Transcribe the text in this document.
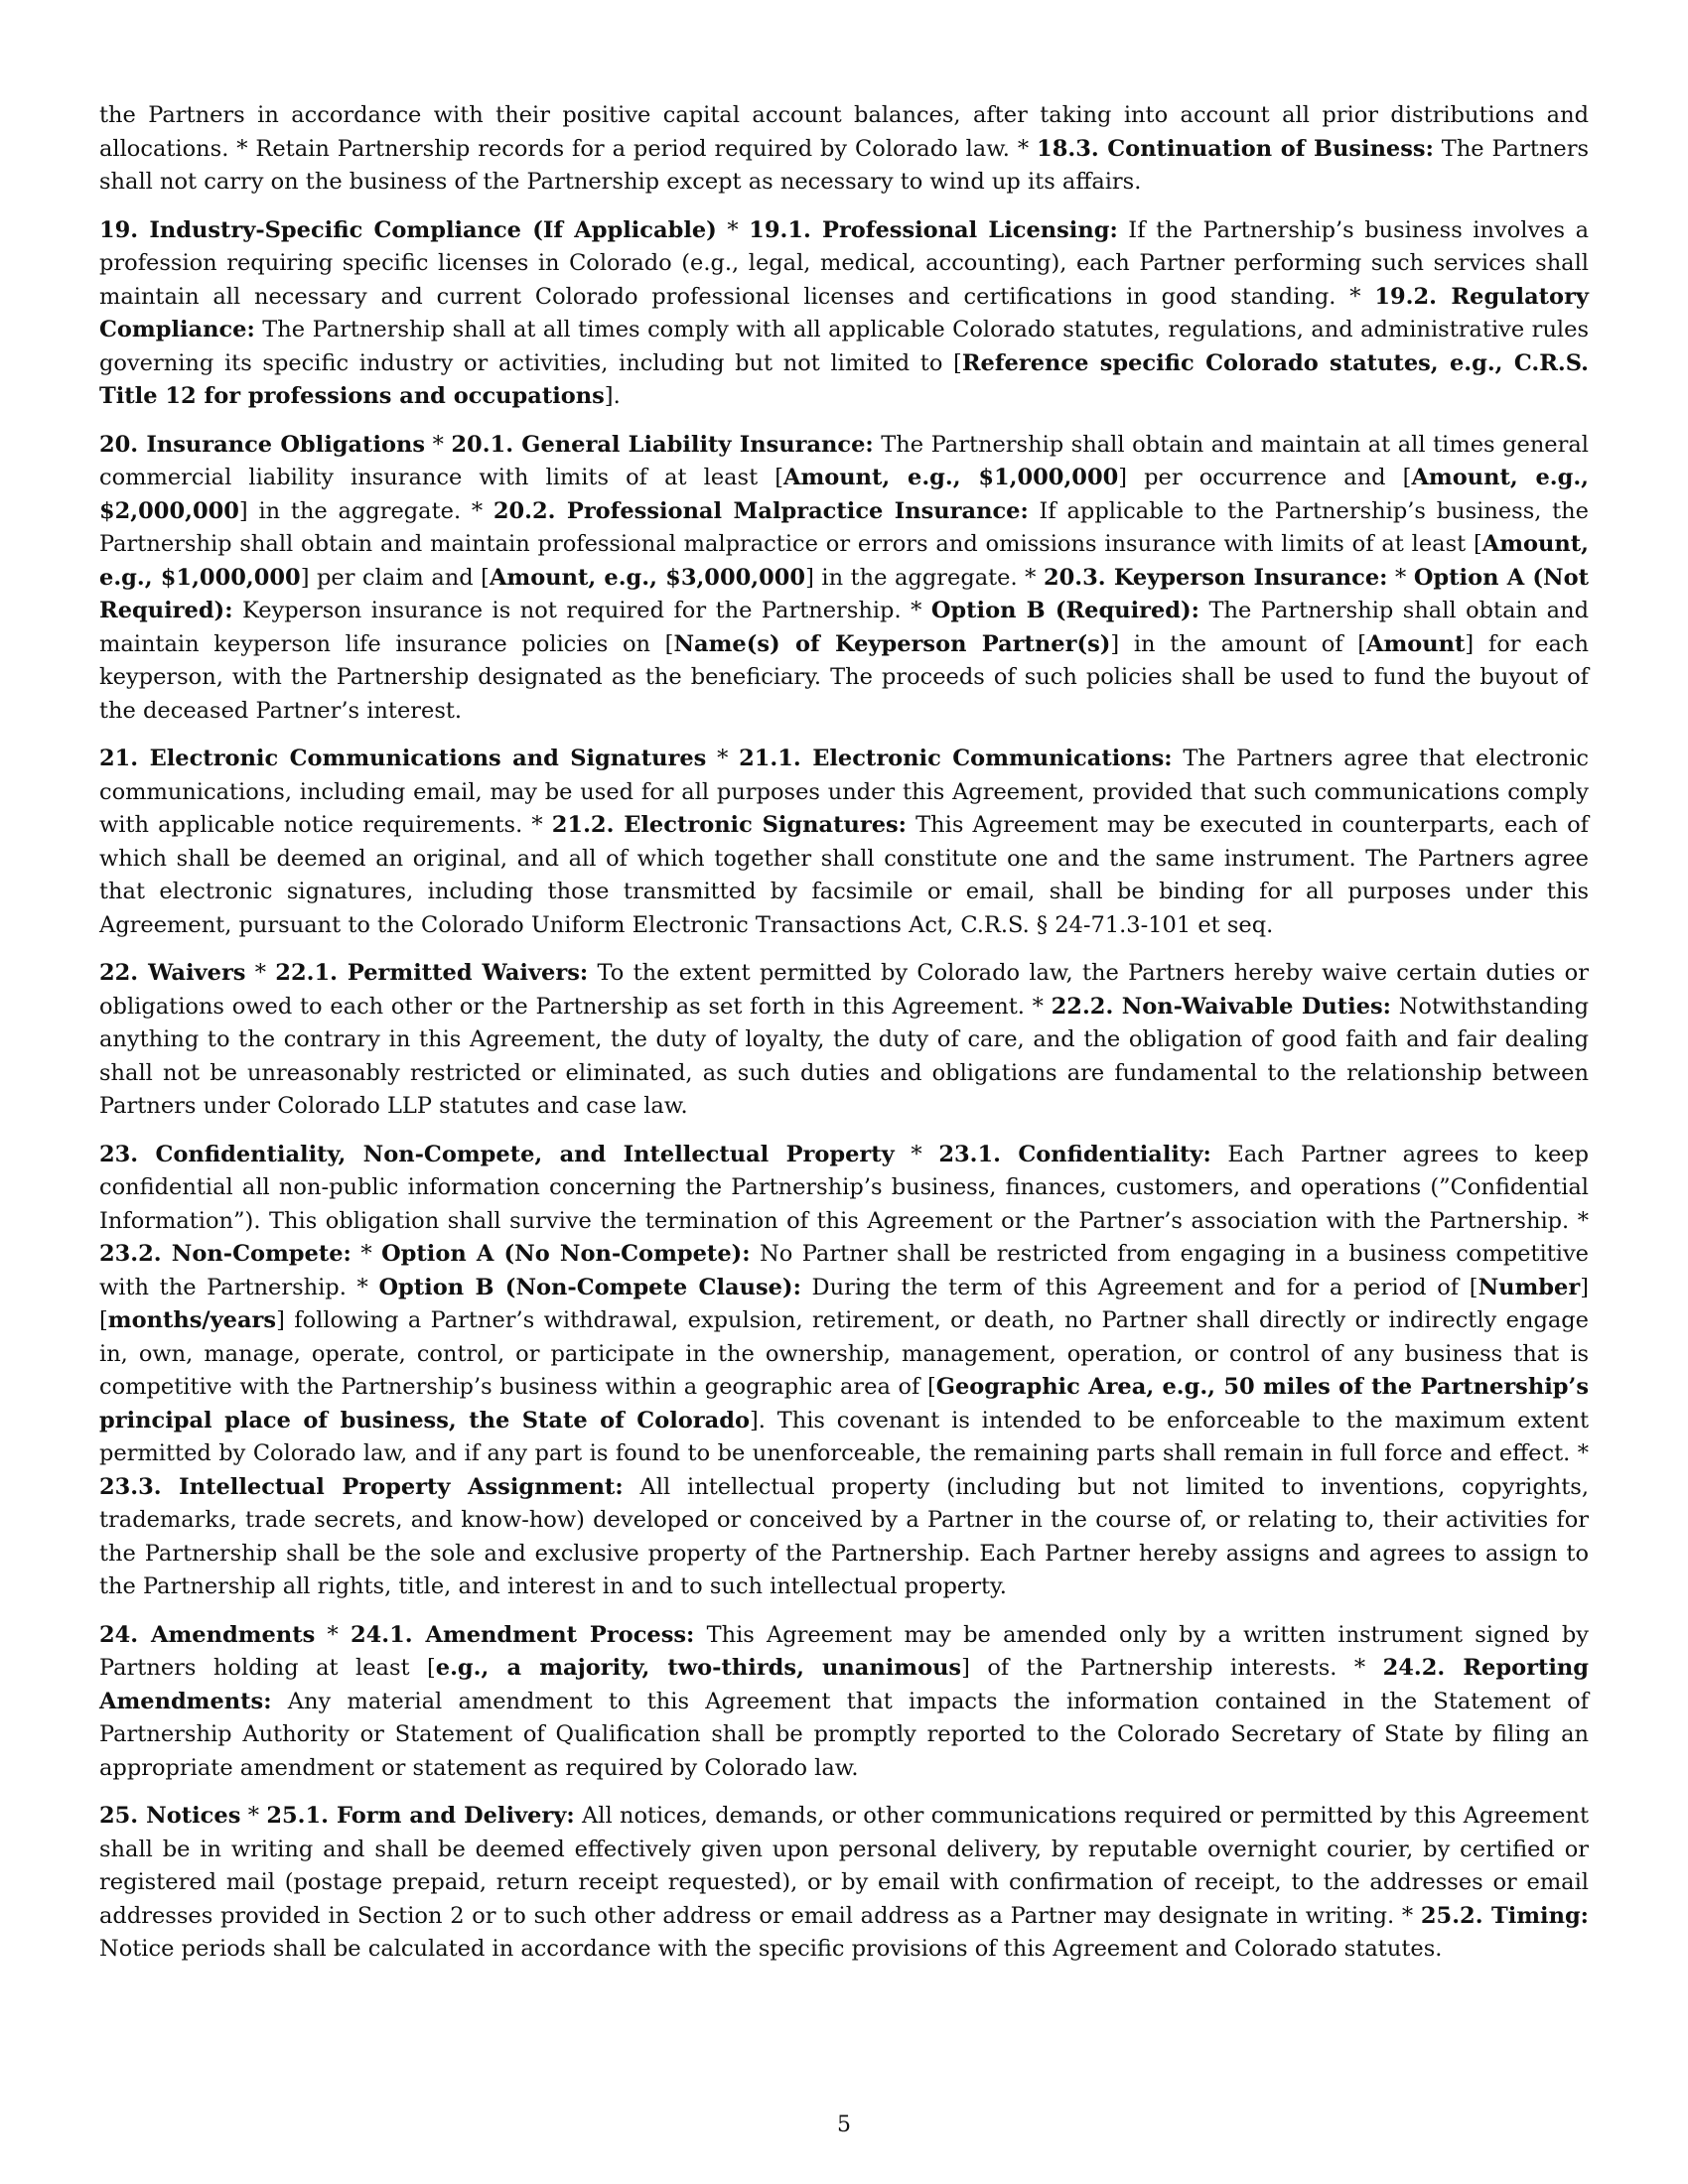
the Partners in accordance with their positive capital account balances, after taking into account all prior distributions and allocations. * Retain Partnership records for a period required by Colorado law. * 18.3. Continuation of Business: The Partners shall not carry on the business of the Partnership except as necessary to wind up its affairs.

19. Industry-Specific Compliance (If Applicable) * 19.1. Professional Licensing: If the Partnership’s business involves a profession requiring specific licenses in Colorado (e.g., legal, medical, accounting), each Partner performing such services shall maintain all necessary and current Colorado professional licenses and certifications in good standing. * 19.2. Regulatory Compliance: The Partnership shall at all times comply with all applicable Colorado statutes, regulations, and administrative rules governing its specific industry or activities, including but not limited to [Reference specific Colorado statutes, e.g., C.R.S. Title 12 for professions and occupations].

20. Insurance Obligations * 20.1. General Liability Insurance: The Partnership shall obtain and maintain at all times general commercial liability insurance with limits of at least [Amount, e.g., $1,000,000] per occurrence and [Amount, e.g., $2,000,000] in the aggregate. * 20.2. Professional Malpractice Insurance: If applicable to the Partnership’s business, the Partnership shall obtain and maintain professional malpractice or errors and omissions insurance with limits of at least [Amount, e.g., $1,000,000] per claim and [Amount, e.g., $3,000,000] in the aggregate. * 20.3. Keyperson Insurance: * Option A (Not Required): Keyperson insurance is not required for the Partnership. * Option B (Required): The Partnership shall obtain and maintain keyperson life insurance policies on [Name(s) of Keyperson Partner(s)] in the amount of [Amount] for each keyperson, with the Partnership designated as the beneficiary. The proceeds of such policies shall be used to fund the buyout of the deceased Partner’s interest.

21. Electronic Communications and Signatures * 21.1. Electronic Communications: The Partners agree that electronic communications, including email, may be used for all purposes under this Agreement, provided that such communications comply with applicable notice requirements. * 21.2. Electronic Signatures: This Agreement may be executed in counterparts, each of which shall be deemed an original, and all of which together shall constitute one and the same instrument. The Partners agree that electronic signatures, including those transmitted by facsimile or email, shall be binding for all purposes under this Agreement, pursuant to the Colorado Uniform Electronic Transactions Act, C.R.S. § 24-71.3-101 et seq.

22. Waivers * 22.1. Permitted Waivers: To the extent permitted by Colorado law, the Partners hereby waive certain duties or obligations owed to each other or the Partnership as set forth in this Agreement. * 22.2. Non-Waivable Duties: Notwithstanding anything to the contrary in this Agreement, the duty of loyalty, the duty of care, and the obligation of good faith and fair dealing shall not be unreasonably restricted or eliminated, as such duties and obligations are fundamental to the relationship between Partners under Colorado LLP statutes and case law.

23. Confidentiality, Non-Compete, and Intellectual Property * 23.1. Confidentiality: Each Partner agrees to keep confidential all non-public information concerning the Partnership’s business, finances, customers, and operations (”Confidential Information”). This obligation shall survive the termination of this Agreement or the Partner’s association with the Partnership. * 23.2. Non-Compete: * Option A (No Non-Compete): No Partner shall be restricted from engaging in a business competitive with the Partnership. * Option B (Non-Compete Clause): During the term of this Agreement and for a period of [Number] [months/years] following a Partner’s withdrawal, expulsion, retirement, or death, no Partner shall directly or indirectly engage in, own, manage, operate, control, or participate in the ownership, management, operation, or control of any business that is competitive with the Partnership’s business within a geographic area of [Geographic Area, e.g., 50 miles of the Partnership’s principal place of business, the State of Colorado]. This covenant is intended to be enforceable to the maximum extent permitted by Colorado law, and if any part is found to be unenforceable, the remaining parts shall remain in full force and effect. * 23.3. Intellectual Property Assignment: All intellectual property (including but not limited to inventions, copyrights, trademarks, trade secrets, and know-how) developed or conceived by a Partner in the course of, or relating to, their activities for the Partnership shall be the sole and exclusive property of the Partnership. Each Partner hereby assigns and agrees to assign to the Partnership all rights, title, and interest in and to such intellectual property.

24. Amendments * 24.1. Amendment Process: This Agreement may be amended only by a written instrument signed by Partners holding at least [e.g., a majority, two-thirds, unanimous] of the Partnership interests. * 24.2. Reporting Amendments: Any material amendment to this Agreement that impacts the information contained in the Statement of Partnership Authority or Statement of Qualification shall be promptly reported to the Colorado Secretary of State by filing an appropriate amendment or statement as required by Colorado law.

25. Notices * 25.1. Form and Delivery: All notices, demands, or other communications required or permitted by this Agreement shall be in writing and shall be deemed effectively given upon personal delivery, by reputable overnight courier, by certified or registered mail (postage prepaid, return receipt requested), or by email with confirmation of receipt, to the addresses or email addresses provided in Section 2 or to such other address or email address as a Partner may designate in writing. * 25.2. Timing: Notice periods shall be calculated in accordance with the specific provisions of this Agreement and Colorado statutes.

5
